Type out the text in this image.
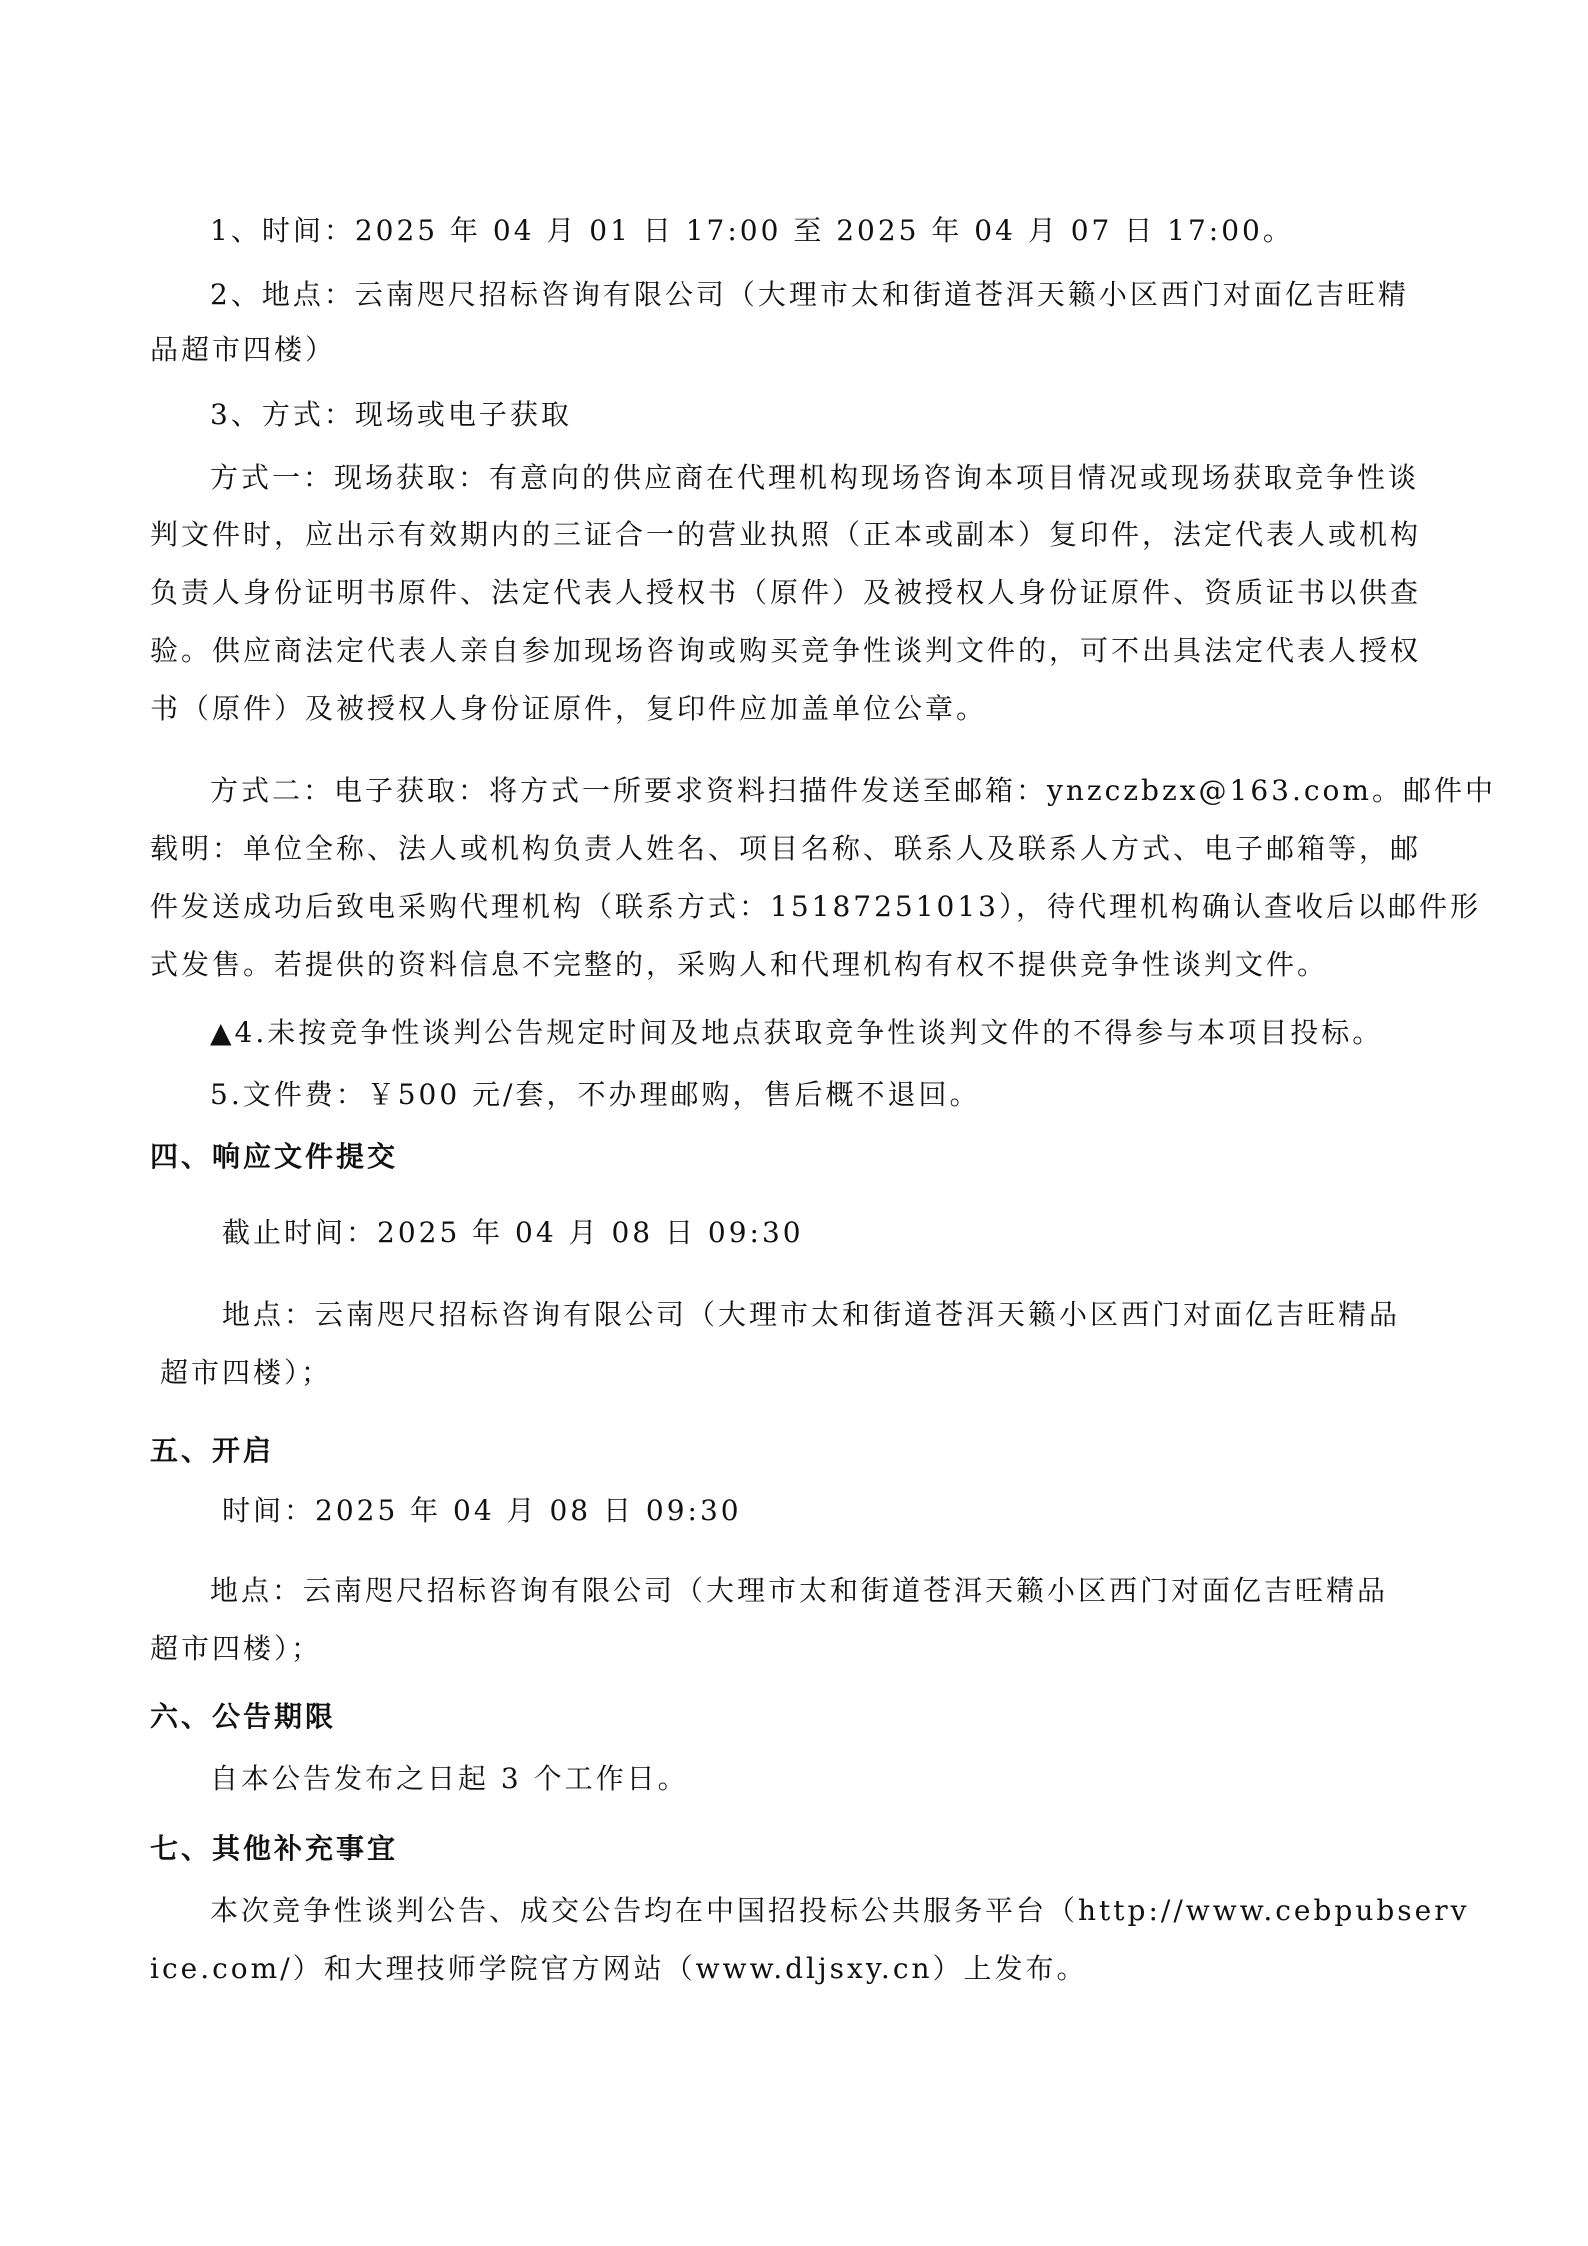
1、时间：2025 年 04 月 01 日 17:00 至 2025 年 04 月 07 日 17:00。

2、地点：云南咫尺招标咨询有限公司（大理市太和街道苍洱天籁小区西门对面亿吉旺精

品超市四楼）

3、方式：现场或电子获取

方式一：现场获取：有意向的供应商在代理机构现场咨询本项目情况或现场获取竞争性谈

判文件时，应出示有效期内的三证合一的营业执照（正本或副本）复印件，法定代表人或机构

负责人身份证明书原件、法定代表人授权书（原件）及被授权人身份证原件、资质证书以供查

验。供应商法定代表人亲自参加现场咨询或购买竞争性谈判文件的，可不出具法定代表人授权

书（原件）及被授权人身份证原件，复印件应加盖单位公章。

方式二：电子获取：将方式一所要求资料扫描件发送至邮箱：ynzczbzx@163.com。邮件中

载明：单位全称、法人或机构负责人姓名、项目名称、联系人及联系人方式、电子邮箱等，邮

件发送成功后致电采购代理机构（联系方式：15187251013），待代理机构确认查收后以邮件形

式发售。若提供的资料信息不完整的，采购人和代理机构有权不提供竞争性谈判文件。

▲4.未按竞争性谈判公告规定时间及地点获取竞争性谈判文件的不得参与本项目投标。

5.文件费：￥500 元/套，不办理邮购，售后概不退回。

四、响应文件提交

截止时间：2025 年 04 月 08 日 09:30

地点：云南咫尺招标咨询有限公司（大理市太和街道苍洱天籁小区西门对面亿吉旺精品

超市四楼）；

五、开启

时间：2025 年 04 月 08 日 09:30

地点：云南咫尺招标咨询有限公司（大理市太和街道苍洱天籁小区西门对面亿吉旺精品

超市四楼）；

六、公告期限

自本公告发布之日起 3 个工作日。

七、其他补充事宜

本次竞争性谈判公告、成交公告均在中国招投标公共服务平台（http://www.cebpubserv

ice.com/）和大理技师学院官方网站（www.dljsxy.cn）上发布。
